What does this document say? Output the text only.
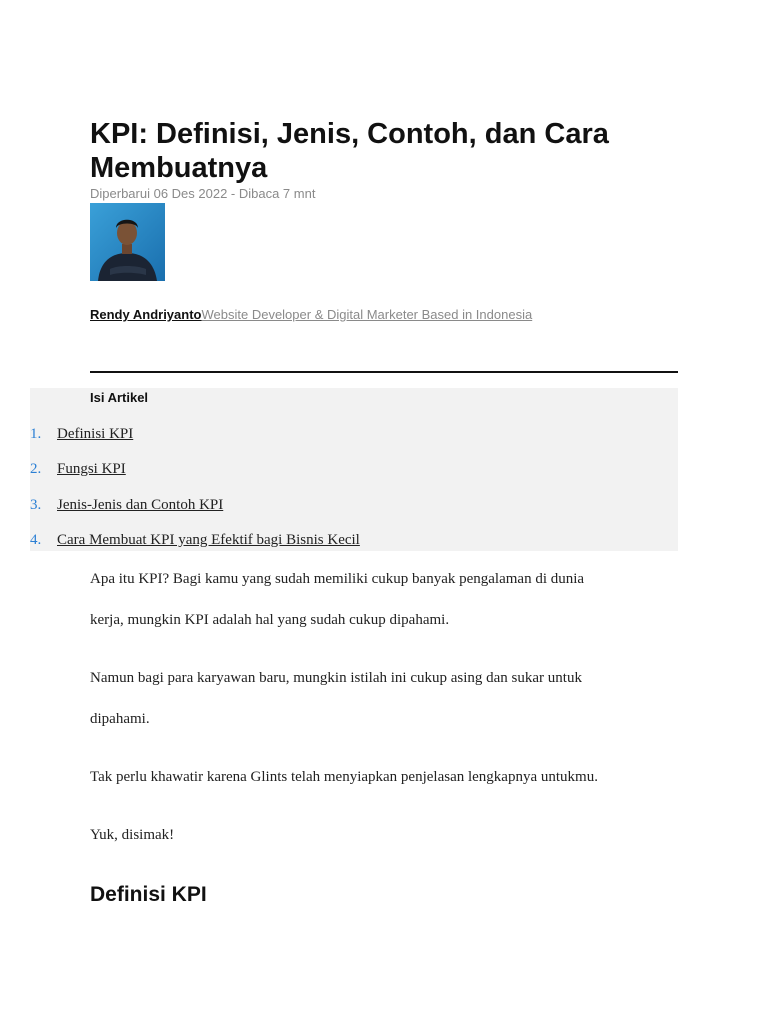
KPI: Definisi, Jenis, Contoh, dan Cara Membuatnya
Diperbarui 06 Des 2022 - Dibaca 7 mnt
Rendy AndriyantoWebsite Developer & Digital Marketer Based in Indonesia
Isi Artikel
1. Definisi KPI
2. Fungsi KPI
3. Jenis-Jenis dan Contoh KPI
4. Cara Membuat KPI yang Efektif bagi Bisnis Kecil

Apa itu KPI? Bagi kamu yang sudah memiliki cukup banyak pengalaman di dunia

kerja, mungkin KPI adalah hal yang sudah cukup dipahami.

Namun bagi para karyawan baru, mungkin istilah ini cukup asing dan sukar untuk

dipahami.

Tak perlu khawatir karena Glints telah menyiapkan penjelasan lengkapnya untukmu.

Yuk, disimak!

Definisi KPI
